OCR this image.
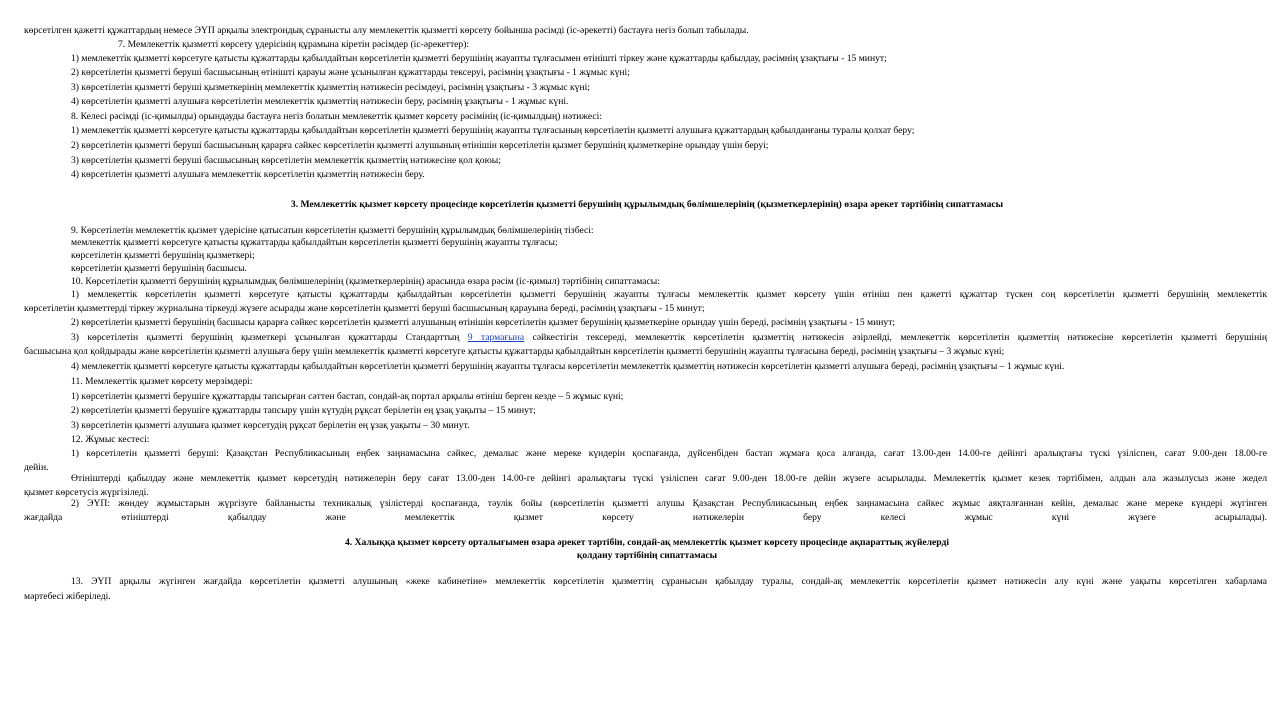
көрсетілген қажетті құжаттардың немесе ЭҮП арқылы электрондық сұранысты алу мемлекеттік қызметті көрсету бойынша рәсімді (іс-әрекетті) бастауға негіз болып табылады.

7. Мемлекеттік қызметті көрсету үдерісінің құрамына кіретін рәсімдер (іс-әрекеттер):

1) мемлекеттік қызметті көрсетуге қатысты құжаттарды қабылдайтын көрсетілетін қызметті берушінің жауапты тұлғасымен өтінішті тіркеу және құжаттарды қабылдау, рәсімнің ұзақтығы - 15 минут;

2) көрсетілетін қызметті беруші басшысының өтінішті қарауы және ұсынылған құжаттарды тексеруі, рәсімнің ұзақтығы - 1 жұмыс күні;

3) көрсетілетін қызметті беруші қызметкерінің мемлекеттік қызметтің нәтижесін ресімдеуі, рәсімнің ұзақтығы - 3 жұмыс күні;

4) көрсетілетін қызметті алушыға көрсетілетін мемлекеттік қызметтің нәтижесін беру, рәсімнің ұзақтығы - 1 жұмыс күні.

8. Келесі рәсімді (іс-қимылды) орындауды бастауға негіз болатын мемлекеттік қызмет көрсету рәсімінің (іс-қимылдың) нәтижесі:

1) мемлекеттік қызметті көрсетуге қатысты құжаттарды қабылдайтын көрсетілетін қызметті берушінің жауапты тұлғасының көрсетілетін қызметті алушыға құжаттардың қабылданғаны туралы қолхат беру;

2) көрсетілетін қызметті беруші басшысының қарарға сәйкес көрсетілетін қызметті алушының өтінішін көрсетілетін қызмет берушінің қызметкеріне орындау үшін беруі;

3) көрсетілетін қызметті беруші басшысының көрсетілетін мемлекеттік қызметтің нәтижесіне қол қоюы;

4) көрсетілетін қызметті алушыға мемлекеттік көрсетілетін қызметтің нәтижесін беру.

3. Мемлекеттік қызмет көрсету процесінде көрсетілетін қызметті берушінің құрылымдық бөлімшелерінің (қызметкерлерінің) өзара әрекет тәртібінің сипаттамасы

9. Көрсетілетін мемлекеттік қызмет үдерісіне қатысатын көрсетілетін қызметті берушінің құрылымдық бөлімшелерінің тізбесі:

мемлекеттік қызметті көрсетуге қатысты құжаттарды қабылдайтын көрсетілетін қызметті берушінің жауапты тұлғасы;

көрсетілетін қызметті берушінің қызметкері;

көрсетілетін қызметті берушінің басшысы.

10. Көрсетілетін қызметті берушінің құрылымдық бөлімшелерінің (қызметкерлерінің) арасында өзара рәсім (іс-қимыл) тәртібінің сипаттамасы:

1) мемлекеттік көрсетілетін қызметті көрсетуге қатысты құжаттарды қабылдайтын көрсетілетін қызметті берушінің жауапты тұлғасы мемлекеттік қызмет көрсету үшін өтініш пен қажетті құжаттар түскен соң көрсетілетін қызметті берушінің мемлекеттік

көрсетілетін қызметтерді тіркеу журналына тіркеуді жүзеге асырады және көрсетілетін қызметті беруші басшысының қарауына береді, рәсімнің ұзақтығы - 15 минут;

2) көрсетілетін қызметті берушінің басшысы қарарға сәйкес көрсетілетін қызметті алушының өтінішін көрсетілетін қызмет берушінің қызметкеріне орындау үшін береді, рәсімнің ұзақтығы - 15 минут;

3) көрсетілетін қызметті берушінің қызметкері ұсынылған құжаттарды Стандарттың 9 тармағына сәйкестігін тексереді, мемлекеттік көрсетілетін қызметтің нәтижесін әзірлейді, мемлекеттік көрсетілетін қызметтің нәтижесіне көрсетілетін қызметті берушінің

басшысына қол қойдырады және көрсетілетін қызметті алушыға беру үшін мемлекеттік қызметті көрсетуге қатысты құжаттарды қабылдайтын көрсетілетін қызметті берушінің жауапты тұлғасына береді, рәсімнің ұзақтығы – 3 жұмыс күні;

4) мемлекеттік қызметті көрсетуге қатысты құжаттарды қабылдайтын көрсетілетін қызметті берушінің жауапты тұлғасы көрсетілетін мемлекеттік қызметтің нәтижесін көрсетілетін қызметті алушыға береді, рәсімнің ұзақтығы – 1 жұмыс күні.

11. Мемлекеттік қызмет көрсету мерзімдері:

1) көрсетілетін қызметті берушіге құжаттарды тапсырған сәттен бастап, сондай-ақ портал арқылы өтініш берген кезде – 5 жұмыс күні;

2) көрсетілетін қызметті берушіге құжаттарды тапсыру үшін күтудің рұқсат берілетін ең ұзақ уақыты – 15 минут;

3) көрсетілетін қызметті алушыға қызмет көрсетудің рұқсат берілетін ең ұзақ уақыты – 30 минут.

12. Жұмыс кестесі:

1) көрсетілетін қызметті беруші: Қазақстан Республикасының еңбек заңнамасына сәйкес, демалыс және мереке күндерін қоспағанда, дүйсенбіден бастап жұмаға қоса алғанда, сағат 13.00-ден 14.00-ге дейінгі аралықтағы түскі үзіліспен, сағат 9.00-ден 18.00-ге

дейін.

Өтініштерді қабылдау және мемлекеттік қызмет көрсетудің нәтижелерін беру сағат 13.00-ден 14.00-ге дейінгі аралықтағы түскі үзіліспен сағат 9.00-ден 18.00-ге дейін жүзеге асырылады. Мемлекеттік қызмет кезек тәртібімен, алдын ала жазылусыз және жедел

қызмет көрсетусіз жүргізіледі.

2) ЭҮП: жөндеу жұмыстарын жүргізуге байланысты техникалық үзілістерді қоспағанда, тәулік бойы (көрсетілетін қызметті алушы Қазақстан Республикасының еңбек заңнамасына сәйкес жұмыс аяқталғаннан кейін, демалыс және мереке күндері жүгінген

жағдайда өтініштерді қабылдау және мемлекеттік қызмет көрсету нәтижелерін беру келесі жұмыс күні жүзеге асырылады).

4. Халыққа қызмет көрсету орталығымен өзара әрекет тәртібін, сондай-ақ мемлекеттік қызмет көрсету процесінде ақпараттық жүйелерді

қолдану тәртібінің сипаттамасы

13. ЭҮП арқылы жүгінген жағдайда көрсетілетін қызметті алушының «жеке кабинетіне» мемлекеттік көрсетілетін қызметтің сұранысын қабылдау туралы, сондай-ақ мемлекеттік көрсетілетін қызмет нәтижесін алу күні және уақыты көрсетілген хабарлама

мәртебесі жіберіледі.
